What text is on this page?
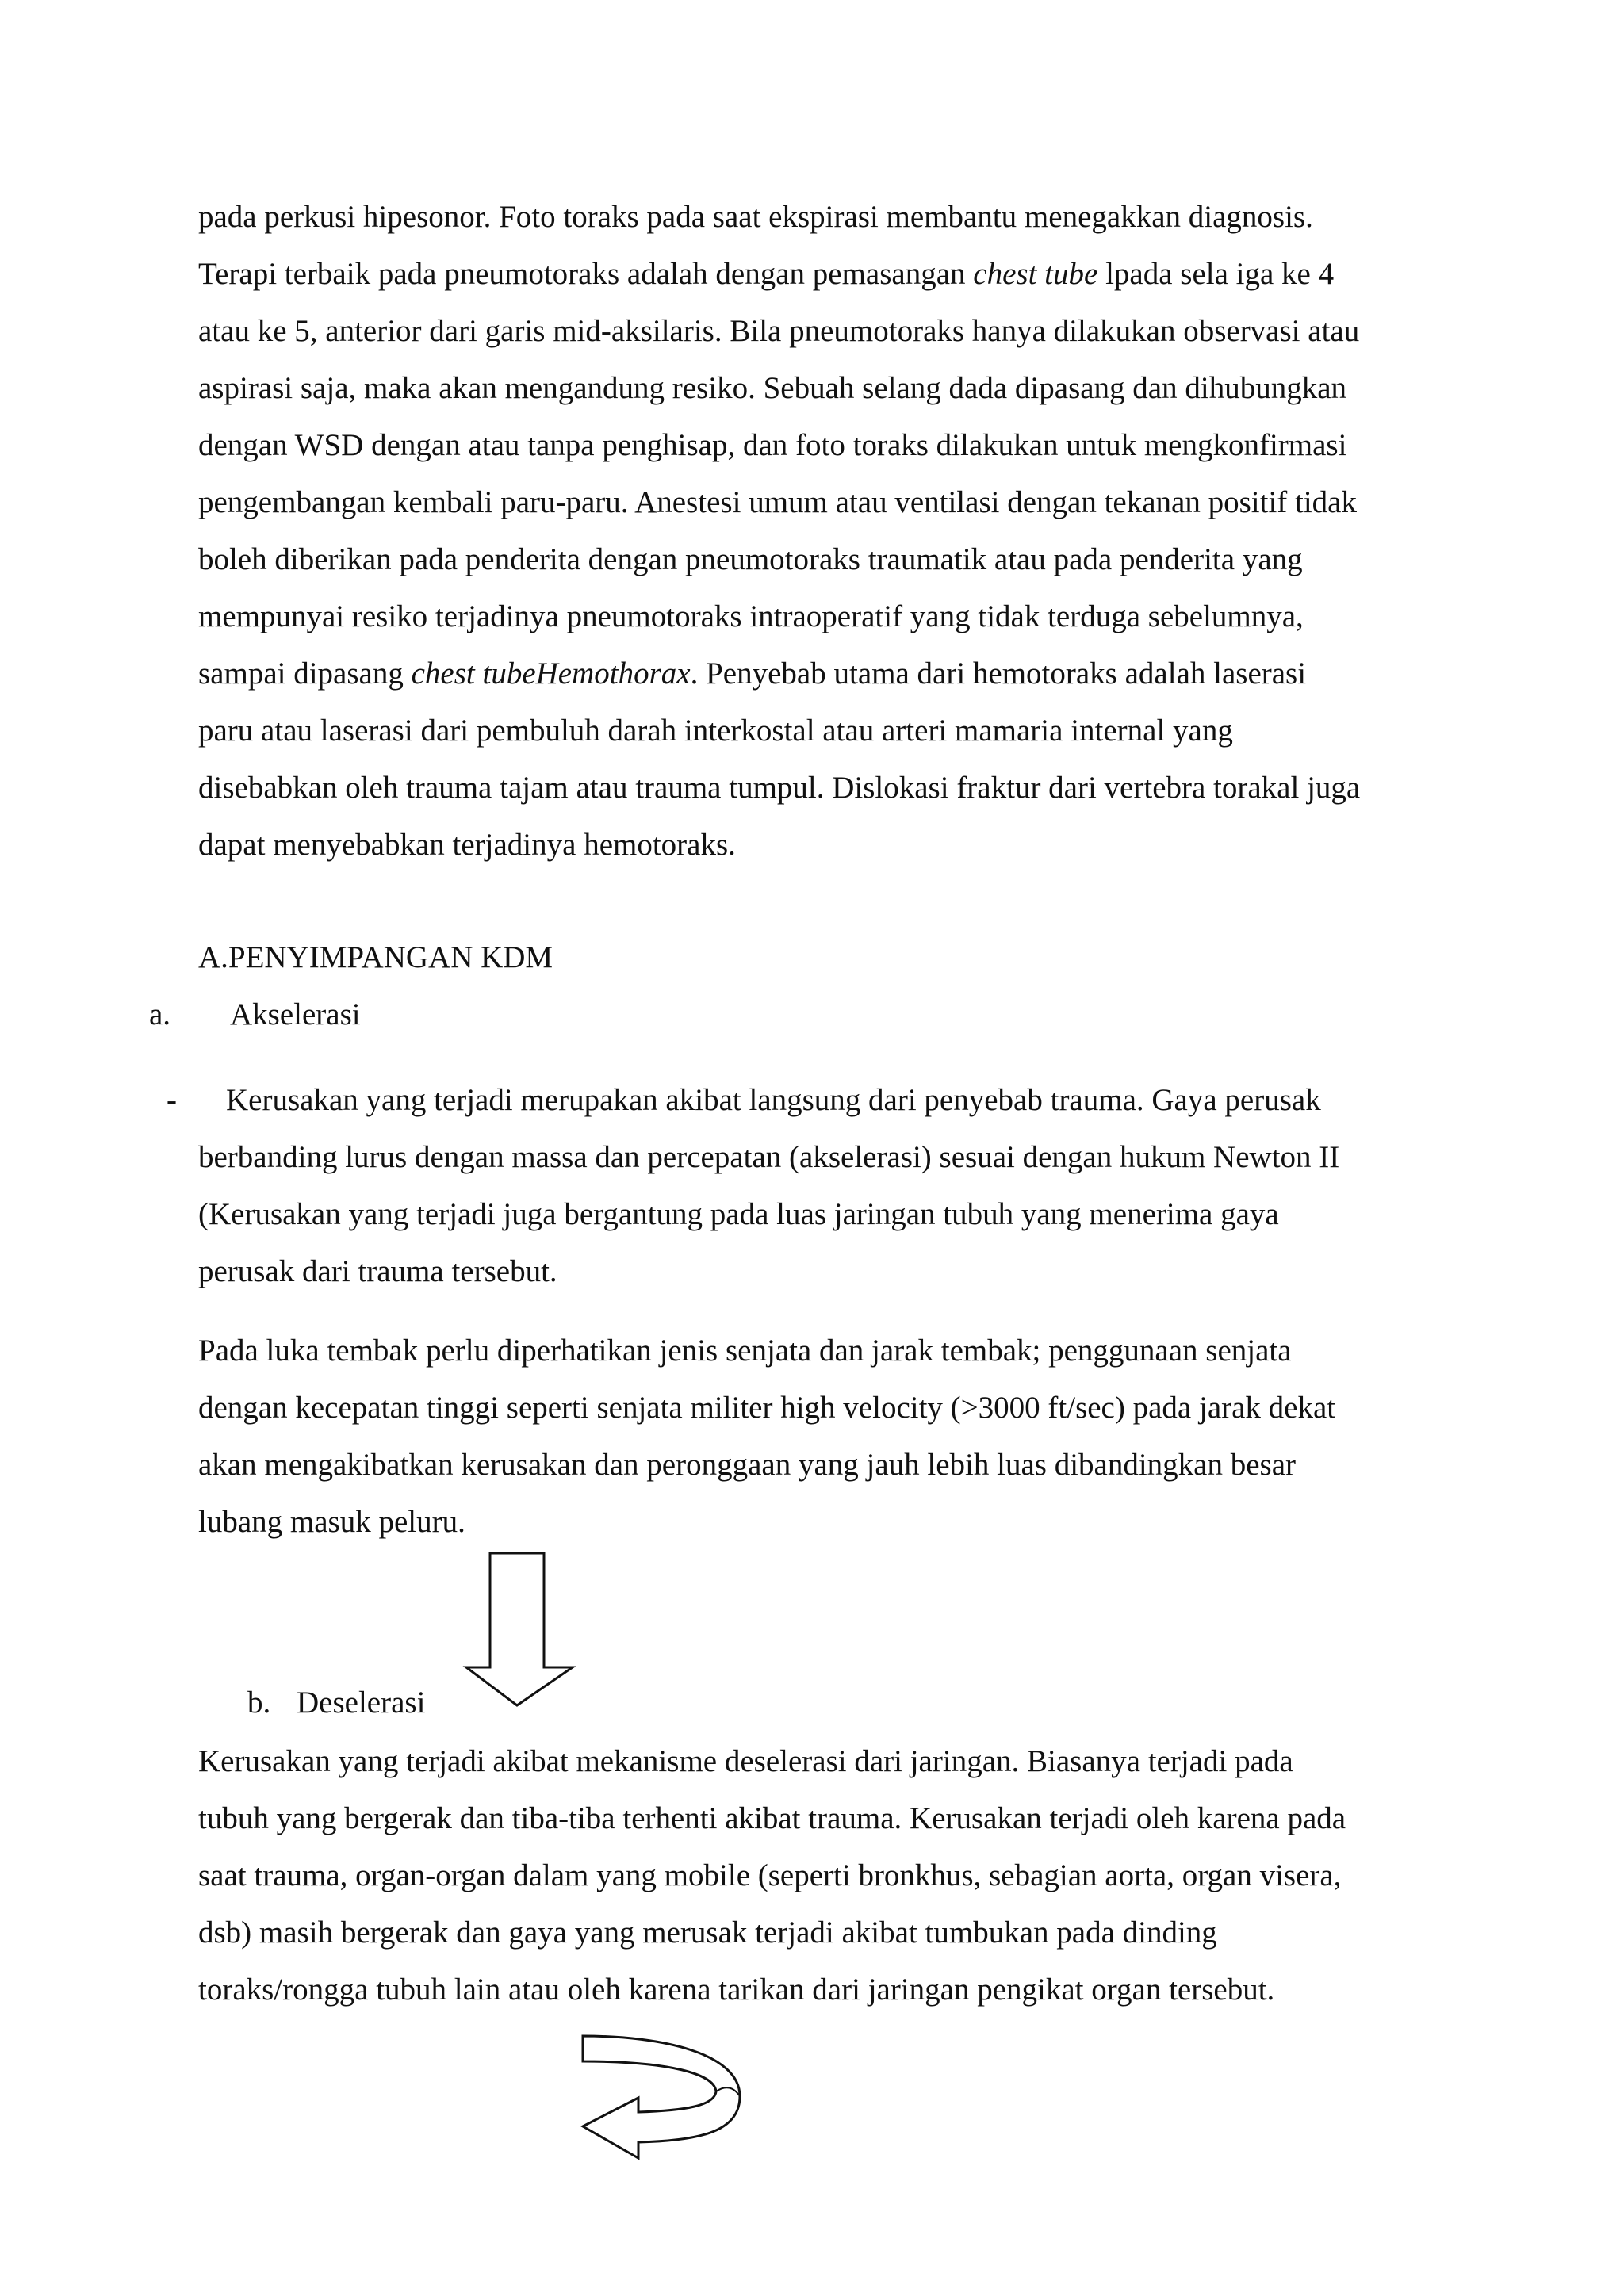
pada perkusi hipesonor. Foto toraks pada saat ekspirasi membantu menegakkan diagnosis.
Terapi terbaik pada pneumotoraks adalah dengan pemasangan chest tube lpada sela iga ke 4
atau ke 5, anterior dari garis mid-aksilaris. Bila pneumotoraks hanya dilakukan observasi atau
aspirasi saja, maka akan mengandung resiko. Sebuah selang dada dipasang dan dihubungkan
dengan WSD dengan atau tanpa penghisap, dan foto toraks dilakukan untuk mengkonfirmasi
pengembangan kembali paru-paru. Anestesi umum atau ventilasi dengan tekanan positif tidak
boleh diberikan pada penderita dengan pneumotoraks traumatik atau pada penderita yang
mempunyai resiko terjadinya pneumotoraks intraoperatif yang tidak terduga sebelumnya,
sampai dipasang chest tubeHemothorax. Penyebab utama dari hemotoraks adalah laserasi
paru atau laserasi dari pembuluh darah interkostal atau arteri mamaria internal yang
disebabkan oleh trauma tajam atau trauma tumpul. Dislokasi fraktur dari vertebra torakal juga
dapat menyebabkan terjadinya hemotoraks.
A.PENYIMPANGAN KDM
a. Akselerasi
- Kerusakan yang terjadi merupakan akibat langsung dari penyebab trauma. Gaya perusak
berbanding lurus dengan massa dan percepatan (akselerasi) sesuai dengan hukum Newton II
(Kerusakan yang terjadi juga bergantung pada luas jaringan tubuh yang menerima gaya
perusak dari trauma tersebut.
Pada luka tembak perlu diperhatikan jenis senjata dan jarak tembak; penggunaan senjata
dengan kecepatan tinggi seperti senjata militer high velocity (>3000 ft/sec) pada jarak dekat
akan mengakibatkan kerusakan dan peronggaan yang jauh lebih luas dibandingkan besar
lubang masuk peluru.
b. Deselerasi
Kerusakan yang terjadi akibat mekanisme deselerasi dari jaringan. Biasanya terjadi pada
tubuh yang bergerak dan tiba-tiba terhenti akibat trauma. Kerusakan terjadi oleh karena pada
saat trauma, organ-organ dalam yang mobile (seperti bronkhus, sebagian aorta, organ visera,
dsb) masih bergerak dan gaya yang merusak terjadi akibat tumbukan pada dinding
toraks/rongga tubuh lain atau oleh karena tarikan dari jaringan pengikat organ tersebut.
